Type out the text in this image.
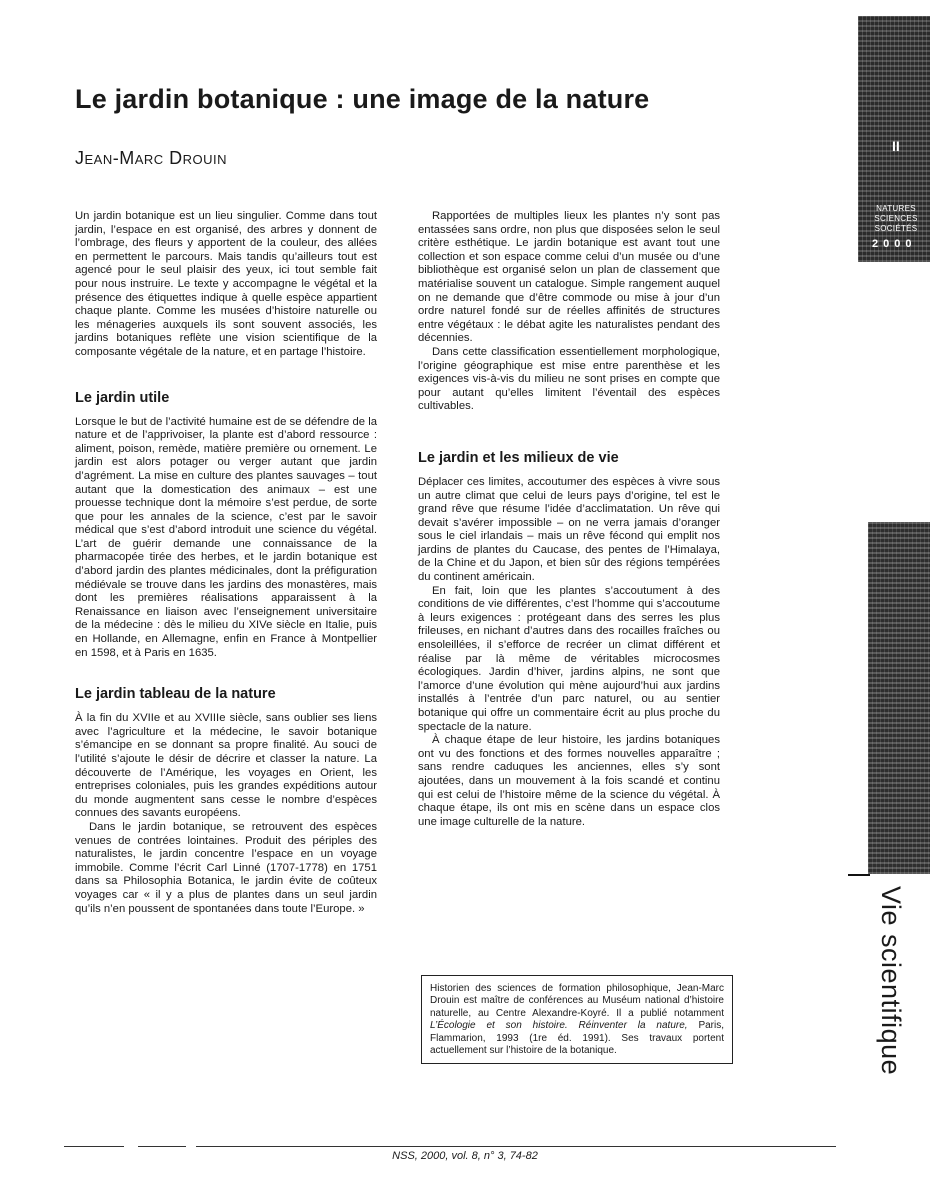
Le jardin botanique : une image de la nature
Jean-Marc Drouin

Un jardin botanique est un lieu singulier. Comme dans tout jardin, l’espace en est organisé, des arbres y donnent de l’ombrage, des fleurs y apportent de la couleur, des allées en permettent le parcours. Mais tandis qu’ailleurs tout est agencé pour le seul plaisir des yeux, ici tout semble fait pour nous instruire. Le texte y accompagne le végétal et la présence des étiquettes indique à quelle espèce appartient chaque plante. Comme les musées d’histoire naturelle ou les ménageries auxquels ils sont souvent associés, les jardins botaniques reflète une vision scientifique de la composante végétale de la nature, et en partage l’histoire.

Le jardin utile

Lorsque le but de l’activité humaine est de se défendre de la nature et de l’apprivoiser, la plante est d’abord ressource : aliment, poison, remède, matière première ou ornement. Le jardin est alors potager ou verger autant que jardin d’agrément. La mise en culture des plantes sauvages – tout autant que la domestication des animaux – est une prouesse technique dont la mémoire s’est perdue, de sorte que pour les annales de la science, c’est par le savoir médical que s’est d’abord introduit une science du végétal. L’art de guérir demande une connaissance de la pharmacopée tirée des herbes, et le jardin botanique est d’abord jardin des plantes médicinales, dont la préfiguration médiévale se trouve dans les jardins des monastères, mais dont les premières réalisations apparaissent à la Renaissance en liaison avec l’enseignement universitaire de la médecine : dès le milieu du XIVe siècle en Italie, puis en Hollande, en Allemagne, enfin en France à Montpellier en 1598, et à Paris en 1635.

Le jardin tableau de la nature

À la fin du XVIIe et au XVIIIe siècle, sans oublier ses liens avec l’agriculture et la médecine, le savoir botanique s’émancipe en se donnant sa propre finalité. Au souci de l’utilité s’ajoute le désir de décrire et classer la nature. La découverte de l’Amérique, les voyages en Orient, les entreprises coloniales, puis les grandes expéditions autour du monde augmentent sans cesse le nombre d’espèces connues des savants européens.

Dans le jardin botanique, se retrouvent des espèces venues de contrées lointaines. Produit des périples des naturalistes, le jardin concentre l’espace en un voyage immobile. Comme l’écrit Carl Linné (1707-1778) en 1751 dans sa Philosophia Botanica, le jardin évite de coûteux voyages car « il y a plus de plantes dans un seul jardin qu’ils n’en poussent de spontanées dans toute l’Europe. »

Rapportées de multiples lieux les plantes n’y sont pas entassées sans ordre, non plus que disposées selon le seul critère esthétique. Le jardin botanique est avant tout une collection et son espace comme celui d’un musée ou d’une bibliothèque est organisé selon un plan de classement que matérialise souvent un catalogue. Simple rangement auquel on ne demande que d’être commode ou mise à jour d’un ordre naturel fondé sur de réelles affinités de structures entre végétaux : le débat agite les naturalistes pendant des décennies.

Dans cette classification essentiellement morphologique, l’origine géographique est mise entre parenthèse et les exigences vis-à-vis du milieu ne sont prises en compte que pour autant qu’elles limitent l’éventail des espèces cultivables.

Le jardin et les milieux de vie

Déplacer ces limites, accoutumer des espèces à vivre sous un autre climat que celui de leurs pays d’origine, tel est le grand rêve que résume l’idée d’acclimatation. Un rêve qui devait s’avérer impossible – on ne verra jamais d’oranger sous le ciel irlandais – mais un rêve fécond qui emplit nos jardins de plantes du Caucase, des pentes de l’Himalaya, de la Chine et du Japon, et bien sûr des régions tempérées du continent américain.

En fait, loin que les plantes s’accoutument à des conditions de vie différentes, c’est l’homme qui s’accoutume à leurs exigences : protégeant dans des serres les plus frileuses, en nichant d’autres dans des rocailles fraîches ou ensoleillées, il s’efforce de recréer un climat différent et réalise par là même de véritables microcosmes écologiques. Jardin d’hiver, jardins alpins, ne sont que l’amorce d’une évolution qui mène aujourd’hui aux jardins installés à l’entrée d’un parc naturel, ou au sentier botanique qui offre un commentaire écrit au plus proche du spectacle de la nature.

À chaque étape de leur histoire, les jardins botaniques ont vu des fonctions et des formes nouvelles apparaître ; sans rendre caduques les anciennes, elles s’y sont ajoutées, dans un mouvement à la fois scandé et continu qui est celui de l’histoire même de la science du végétal. À chaque étape, ils ont mis en scène dans un espace clos une image culturelle de la nature.

Historien des sciences de formation philosophique, Jean-Marc Drouin est maître de conférences au Muséum national d’histoire naturelle, au Centre Alexandre-Koyré. Il a publié notamment L’Écologie et son histoire. Réinventer la nature, Paris, Flammarion, 1993 (1re éd. 1991). Ses travaux portent actuellement sur l’histoire de la botanique.
NSS, 2000, vol. 8, n° 3, 74-82
II
NATURES
SCIENCES
SOCIÉTÉS
2000
Vie scientifique
